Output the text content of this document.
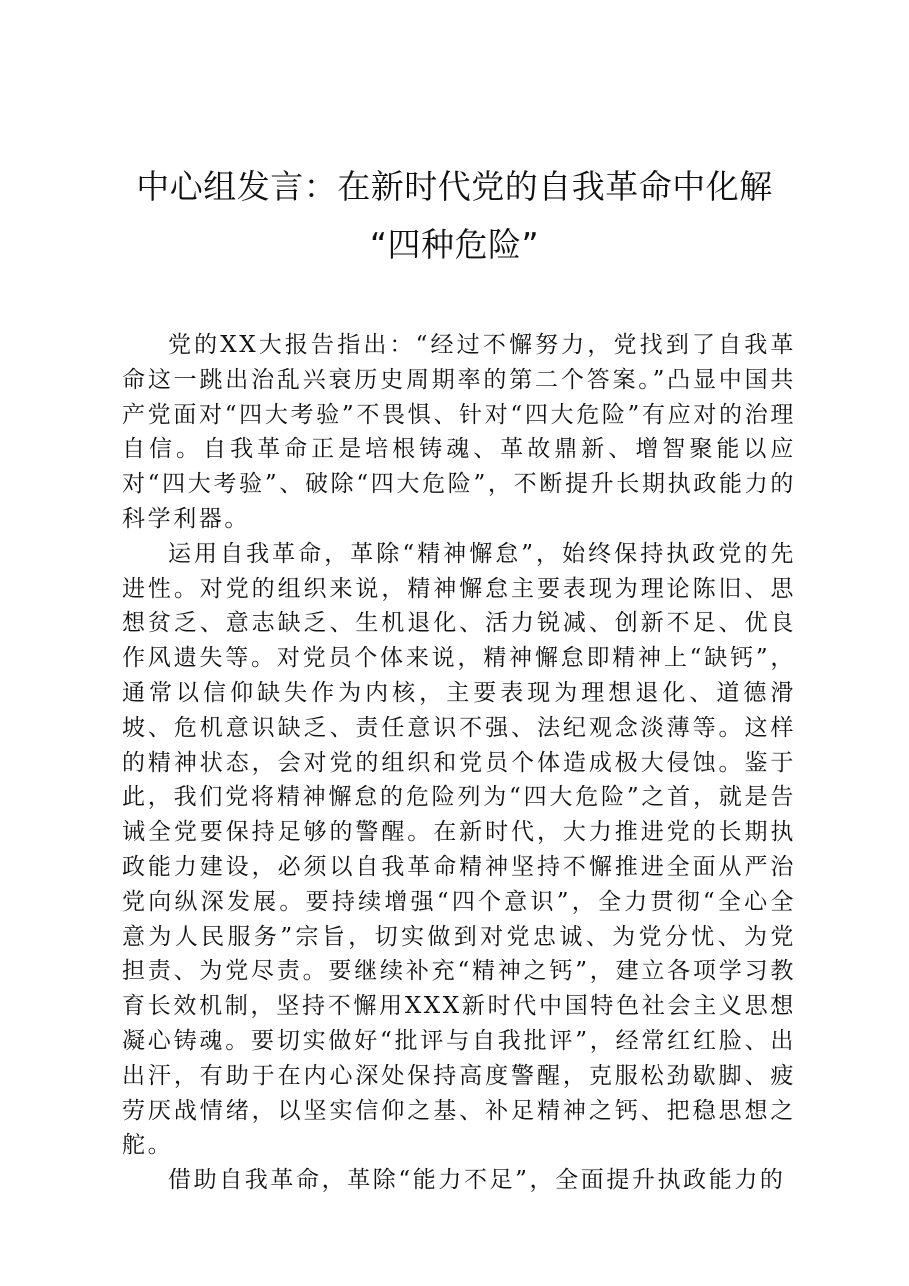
中心组发言：在新时代党的自我革命中化解
“四种危险”

党的XX大报告指出：“经过不懈努力，党找到了自我革命这一跳出治乱兴衰历史周期率的第二个答案。”凸显中国共产党面对“四大考验”不畏惧、针对“四大危险”有应对的治理自信。自我革命正是培根铸魂、革故鼎新、增智聚能以应对“四大考验”、破除“四大危险”，不断提升长期执政能力的科学利器。

运用自我革命，革除“精神懈怠”，始终保持执政党的先进性。对党的组织来说，精神懈怠主要表现为理论陈旧、思想贫乏、意志缺乏、生机退化、活力锐减、创新不足、优良作风遗失等。对党员个体来说，精神懈怠即精神上“缺钙”，通常以信仰缺失作为内核，主要表现为理想退化、道德滑坡、危机意识缺乏、责任意识不强、法纪观念淡薄等。这样的精神状态，会对党的组织和党员个体造成极大侵蚀。鉴于此，我们党将精神懈怠的危险列为“四大危险”之首，就是告诫全党要保持足够的警醒。在新时代，大力推进党的长期执政能力建设，必须以自我革命精神坚持不懈推进全面从严治党向纵深发展。要持续增强“四个意识”，全力贯彻“全心全意为人民服务”宗旨，切实做到对党忠诚、为党分忧、为党担责、为党尽责。要继续补充“精神之钙”，建立各项学习教育长效机制，坚持不懈用XXX新时代中国特色社会主义思想凝心铸魂。要切实做好“批评与自我批评”，经常红红脸、出出汗，有助于在内心深处保持高度警醒，克服松劲歇脚、疲劳厌战情绪，以坚实信仰之基、补足精神之钙、把稳思想之舵。

借助自我革命，革除“能力不足”，全面提升执政能力的
